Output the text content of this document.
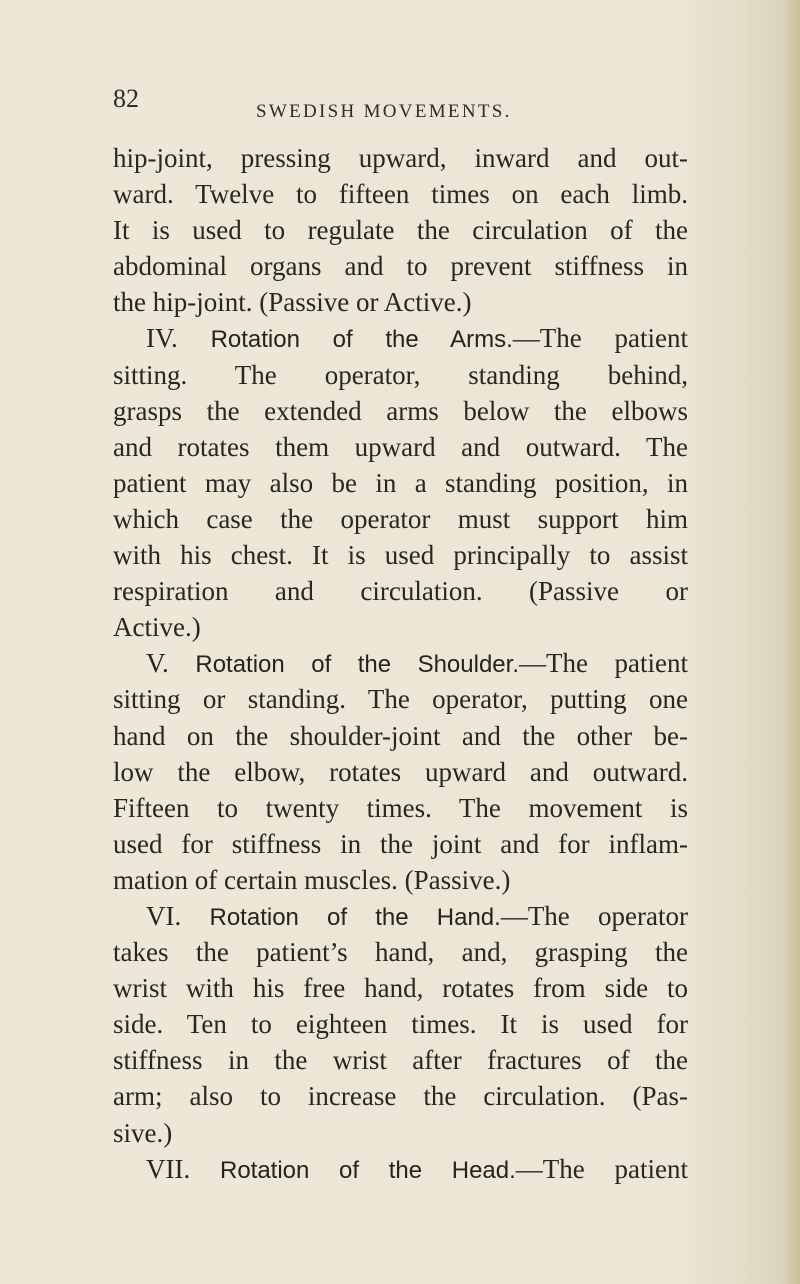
82	SWEDISH MOVEMENTS.
hip-joint, pressing upward, inward and out-
ward. Twelve to fifteen times on each limb.
It is used to regulate the circulation of the
abdominal organs and to prevent stiffness in
the hip-joint. (Passive or Active.)
IV. Rotation of the Arms.—The patient
sitting. The operator, standing behind,
grasps the extended arms below the elbows
and rotates them upward and outward. The
patient may also be in a standing position, in
which case the operator must support him
with his chest. It is used principally to assist
respiration and circulation. (Passive or
Active.)
V. Rotation of the Shoulder.—The patient
sitting or standing. The operator, putting one
hand on the shoulder-joint and the other be-
low the elbow, rotates upward and outward.
Fifteen to twenty times. The movement is
used for stiffness in the joint and for inflam-
mation of certain muscles. (Passive.)
VI. Rotation of the Hand.—The operator
takes the patient’s hand, and, grasping the
wrist with his free hand, rotates from side to
side. Ten to eighteen times. It is used for
stiffness in the wrist after fractures of the
arm; also to increase the circulation. (Pas-
sive.)
VII. Rotation of the Head.—The patient
